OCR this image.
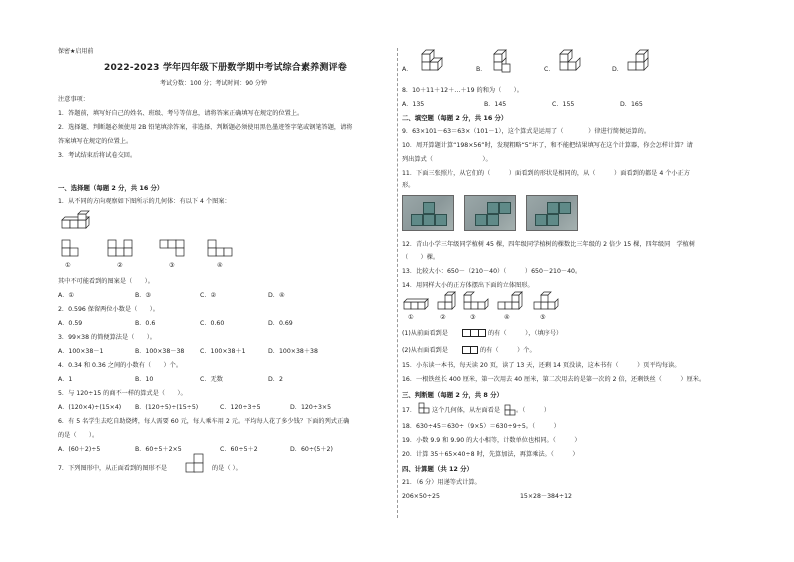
保密★启用前
2022-2023 学年四年级下册数学期中考试综合素养测评卷
考试分数：100 分；考试时间：90 分钟
注意事项：
1．答题前，填写好自己的姓名、班级、考号等信息，请将答案正确填写在规定的位置上。
2．选择题、判断题必须使用 2B 铅笔填涂答案，非选择、判断题必须使用黑色墨迹签字笔或钢笔答题，请将
答案填写在规定的位置上。
3．考试结束后将试卷交回。
一、选择题（每题 2 分，共 16 分）
1．从不同的方向观察如下图所示的几何体：有以下 4 个图案：
①	②	③	④
其中不可能看到的图案是（　　）。
A．①	B．③	C．②	D．④
2．0.596 保留两位小数是（　　）。
A．0.59	B．0.6	C．0.60	D．0.69
3．99×38 的简便算法是（　　）。
A．100×38－1	B．100×38－38	C．100×38＋1	D．100×38＋38
4．0.34 和 0.36 之间的小数有（　　）个。
A．1	B．10	C．无数	D．2
5．与 120÷15 的商不一样的算式是（　　）。
A．(120×4)÷(15×4) B．(120÷5)÷(15÷5)	C．120÷3÷5	D．120÷3×5
6．有 5 名学生去吃自助烧烤，每人需要 60 元，每人乘车用 2 元。平均每人花了多少钱？下面的列式正确
的是（　　）。
A．(60＋2)÷5	B．60÷5＋2×5	C．60÷5＋2	D．60÷(5＋2)
7．下列图形中，从正面看到的图形不是	的是（ ）。
A．	B．	C．	D．
8．10＋11＋12＋…＋19 的和为（　　）。
A．135	B．145	C．155	D．165
二、填空题（每题 2 分，共 16 分）
9．63×101－63＝63×（101－1），这个算式是运用了（　　　　）律进行简便运算的。
10．周开算题计算“198×56”时，发现粗略“5”坏了，和不能把结果填写在这个计算器，你会怎样计算？请
列出算式（　　　　　　　　）。
11．下面三张照片，从它们的（　　　）面看到的形状是相同的，从（　　　）面看到的都是 4 个小正方
形。
12．青山小学三年级同学植树 45 棵，四年级同学植树的棵数比三年级的 2 倍少 15 棵，四年级同　学植树
（　　）棵。
13．比较大小：650－（210－40）（　　　）650－210－40。
14．用同样大小的正方体摆出下面的立体图形。
①	②	③	④	⑤
(1)从前面看到是	的有（　　　），（填序号）
(2)从右面看到是	的有（　　　）个。
15．小东读一本书，每天读 20 页，读了 13 天，还剩 14 页没读，这本书有（　　　）页平均每读。
16．一根铁丝长 400 厘米，第一次用去 40 厘米，第二次用去的是第一次的 2 倍，还剩铁丝（　　　）厘米。
三、判断题（每题 2 分，共 8 分）
17．	这个几何体，从左面看是	。（　　　）
18．630÷45＝630÷（9×5）＝630÷9÷5。（　　　）
19．小数 9.9 和 9.90 的大小相等，计数单位也相同。（　　　）
20．计算 35＋65×40÷8 时，先算加法，再算乘法。（　　　）
四、计算题（共 12 分）
21．（6 分）用递等式计算。
206×50÷25	15×28－384÷12
